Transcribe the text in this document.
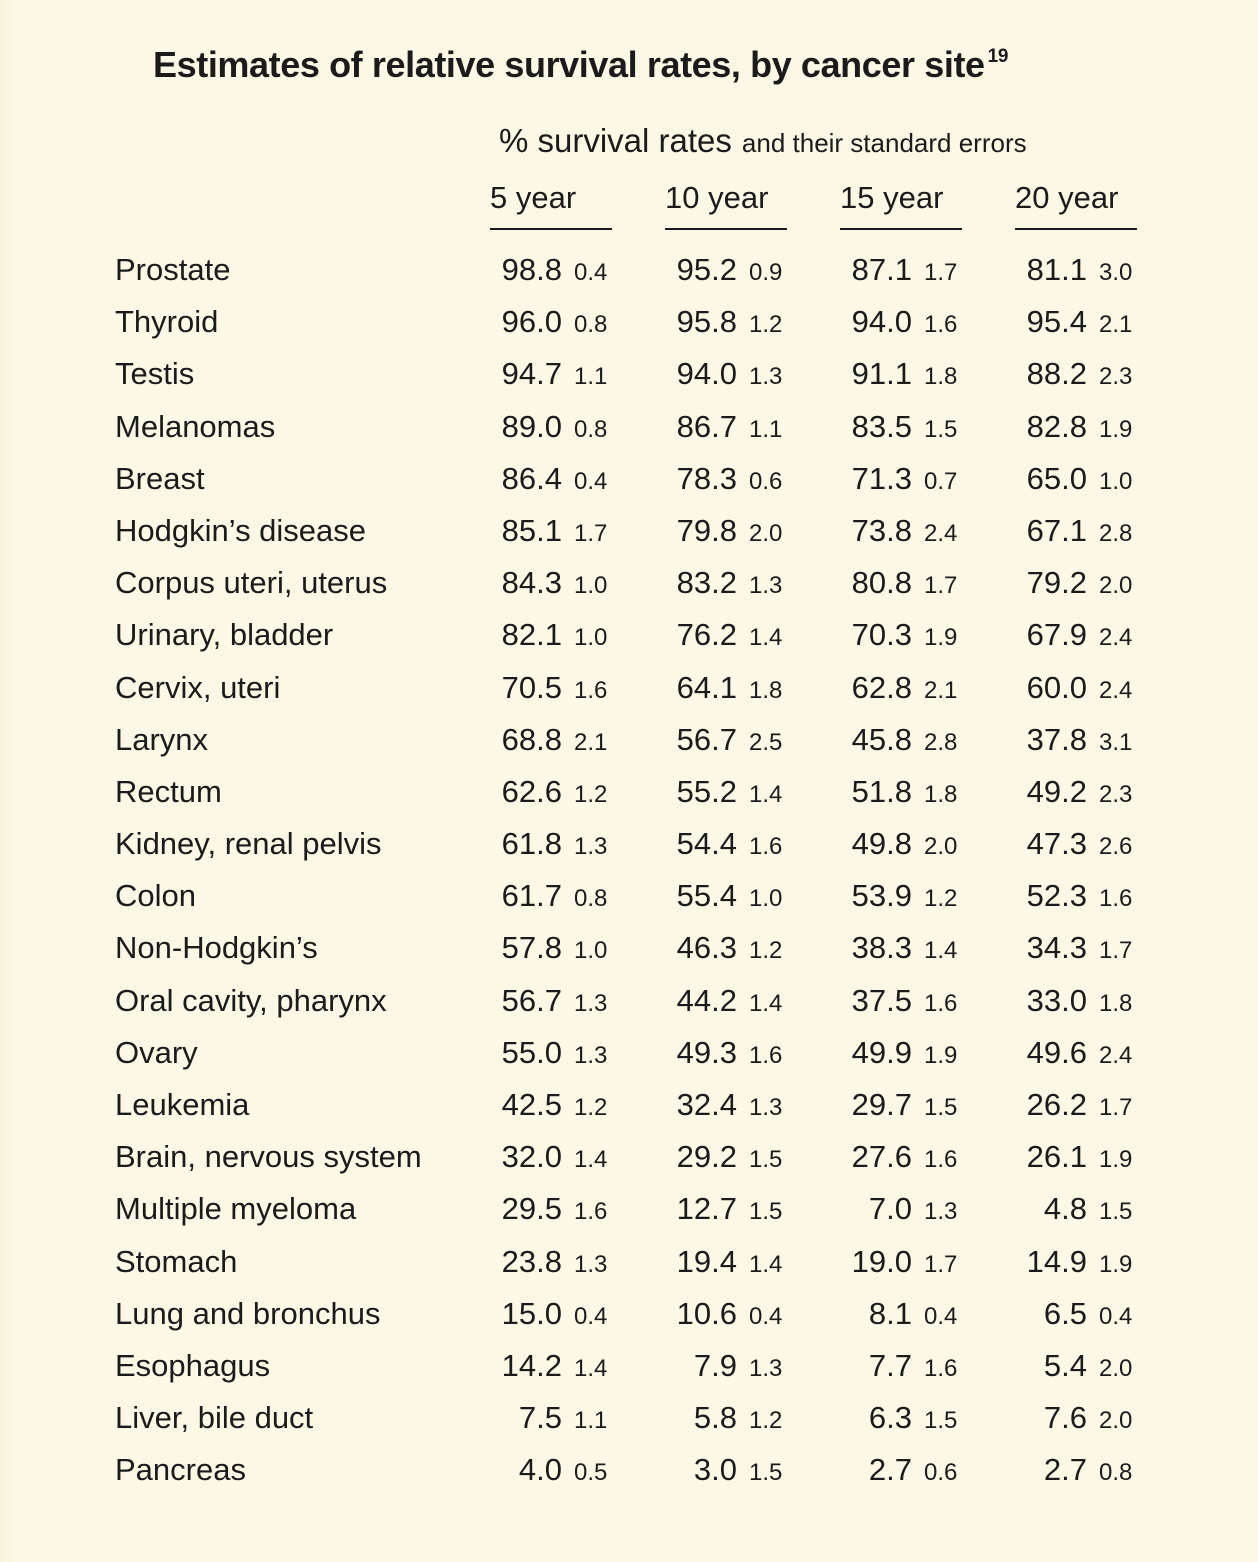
Estimates of relative survival rates, by cancer site $^{19}$
% survival rates and their standard errors
5 year	10 year	15 year	20 year
Prostate	98.8 0.4	95.2 0.9	87.1 1.7	81.1 3.0
Thyroid	96.0 0.8	95.8 1.2	94.0 1.6	95.4 2.1
Testis	94.7 1.1	94.0 1.3	91.1 1.8	88.2 2.3
Melanomas	89.0 0.8	86.7 1.1	83.5 1.5	82.8 1.9
Breast	86.4 0.4	78.3 0.6	71.3 0.7	65.0 1.0
Hodgkin’s disease	85.1 1.7	79.8 2.0	73.8 2.4	67.1 2.8
Corpus uteri, uterus	84.3 1.0	83.2 1.3	80.8 1.7	79.2 2.0
Urinary, bladder	82.1 1.0	76.2 1.4	70.3 1.9	67.9 2.4
Cervix, uteri	70.5 1.6	64.1 1.8	62.8 2.1	60.0 2.4
Larynx	68.8 2.1	56.7 2.5	45.8 2.8	37.8 3.1
Rectum	62.6 1.2	55.2 1.4	51.8 1.8	49.2 2.3
Kidney, renal pelvis	61.8 1.3	54.4 1.6	49.8 2.0	47.3 2.6
Colon	61.7 0.8	55.4 1.0	53.9 1.2	52.3 1.6
Non-Hodgkin’s	57.8 1.0	46.3 1.2	38.3 1.4	34.3 1.7
Oral cavity, pharynx	56.7 1.3	44.2 1.4	37.5 1.6	33.0 1.8
Ovary	55.0 1.3	49.3 1.6	49.9 1.9	49.6 2.4
Leukemia	42.5 1.2	32.4 1.3	29.7 1.5	26.2 1.7
Brain, nervous system	32.0 1.4	29.2 1.5	27.6 1.6	26.1 1.9
Multiple myeloma	29.5 1.6	12.7 1.5	7.0 1.3	4.8 1.5
Stomach	23.8 1.3	19.4 1.4	19.0 1.7	14.9 1.9
Lung and bronchus	15.0 0.4	10.6 0.4	8.1 0.4	6.5 0.4
Esophagus	14.2 1.4	7.9 1.3	7.7 1.6	5.4 2.0
Liver, bile duct	7.5 1.1	5.8 1.2	6.3 1.5	7.6 2.0
Pancreas	4.0 0.5	3.0 1.5	2.7 0.6	2.7 0.8
